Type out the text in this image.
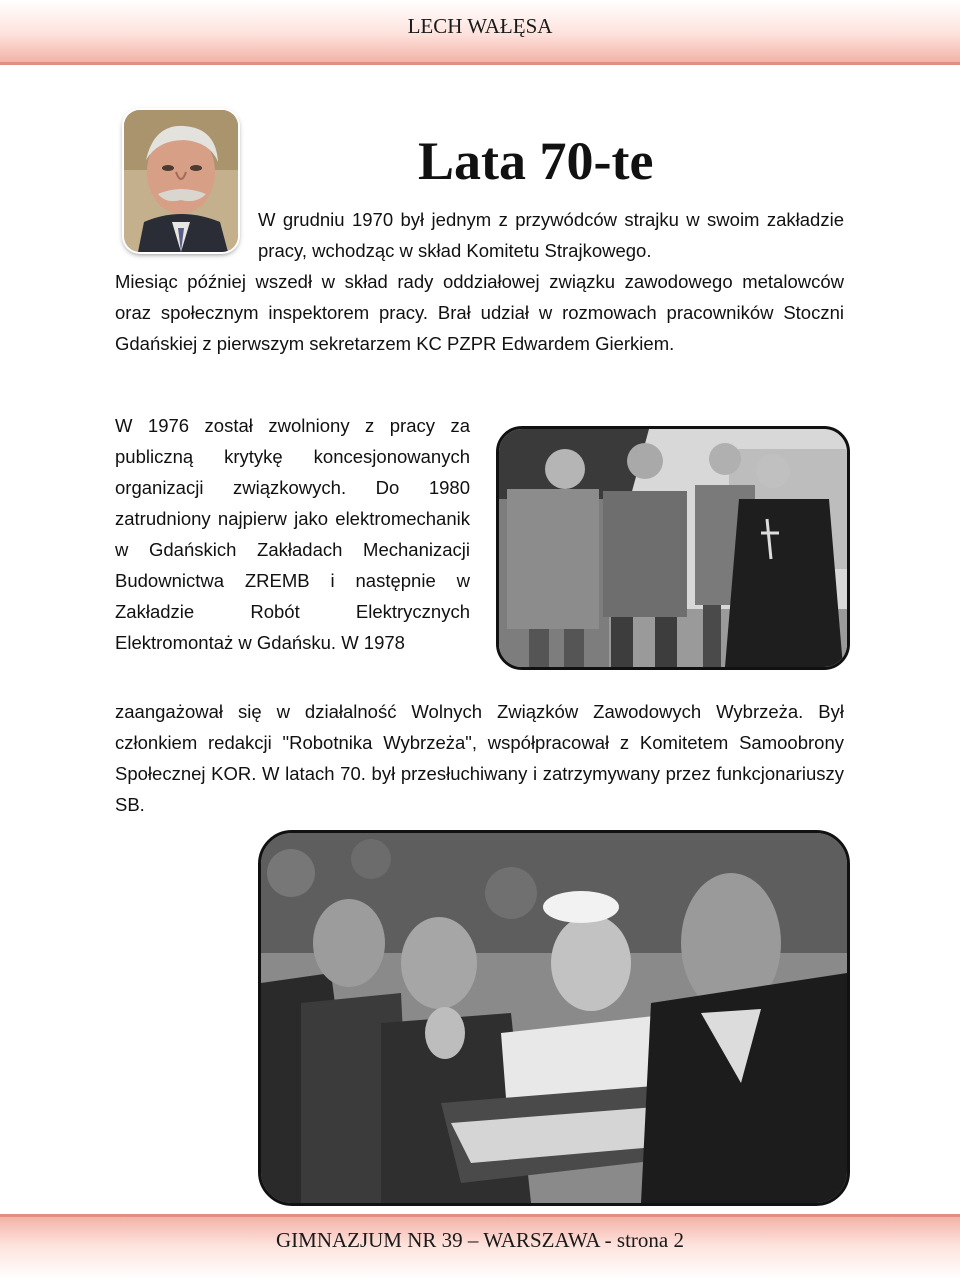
LECH WAŁĘSA
Lata 70-te

W grudniu 1970 był jednym z przywódców strajku w swoim zakładzie pracy, wchodząc w skład Komitetu Strajkowego.

Miesiąc później wszedł w skład rady oddziałowej związku zawodowego metalowców oraz społecznym inspektorem pracy. Brał udział w rozmowach pracowników Stoczni Gdańskiej z pierwszym sekretarzem KC PZPR Edwardem Gierkiem.

W 1976 został zwolniony z pracy za publiczną krytykę koncesjonowanych organizacji związkowych. Do 1980 zatrudniony najpierw jako elektromechanik w Gdańskich Zakładach Mechanizacji Budownictwa ZREMB i następnie w Zakładzie Robót Elektrycznych Elektromontaż w Gdańsku. W 1978

zaangażował się w działalność Wolnych Związków Zawodowych Wybrzeża. Był członkiem redakcji "Robotnika Wybrzeża", współpracował z Komitetem Samoobrony Społecznej KOR. W latach 70. był przesłuchiwany i zatrzymywany przez funkcjonariuszy SB.

GIMNAZJUM NR 39 – WARSZAWA - strona 2
